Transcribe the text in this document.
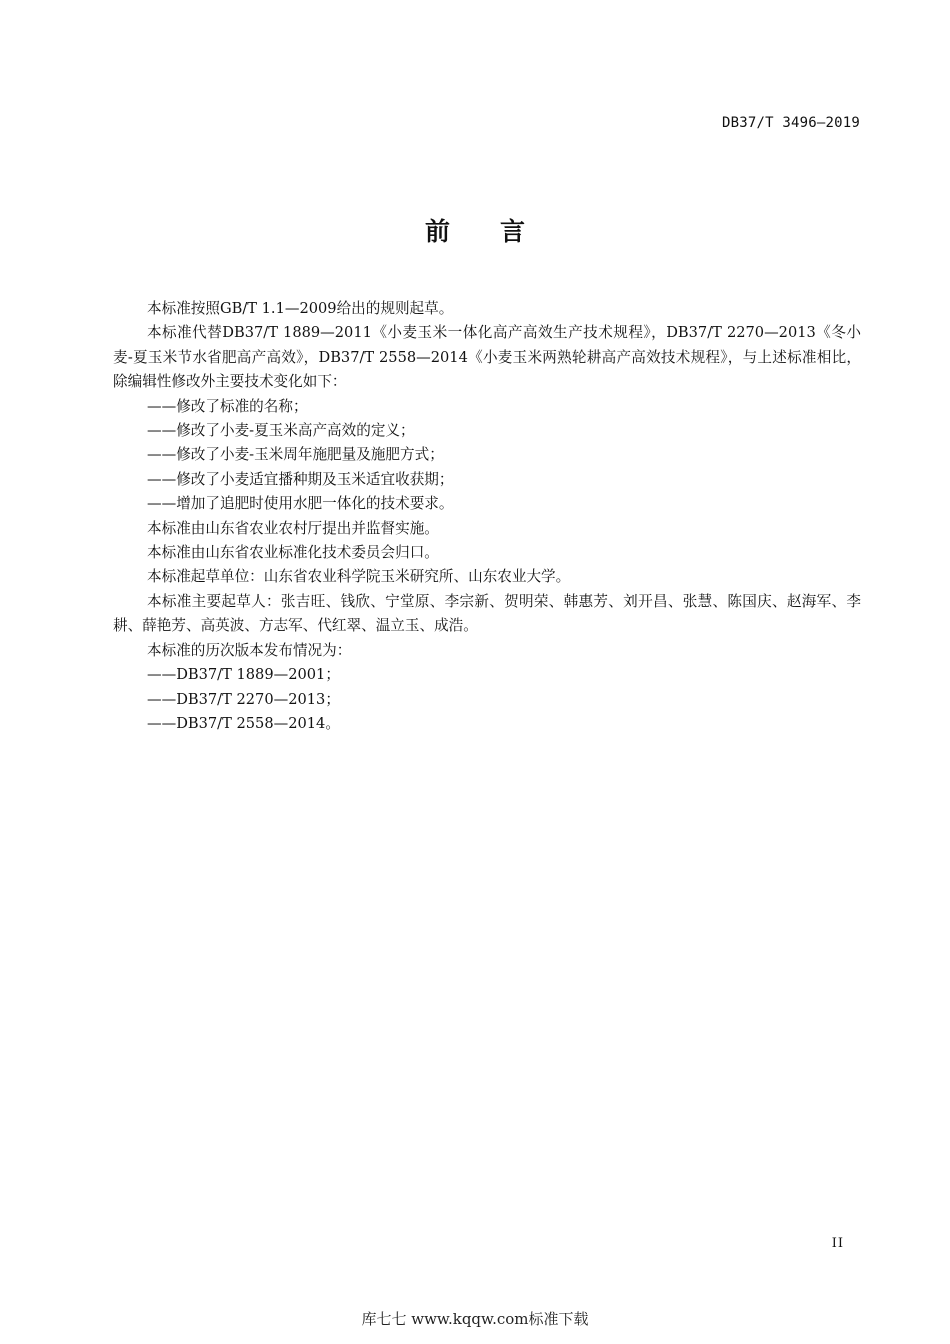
DB37/T 3496—2019
前言

本标准按照GB/T 1.1—2009给出的规则起草。

本标准代替DB37/T 1889—2011《小麦玉米一体化高产高效生产技术规程》，DB37/T 2270—2013《冬小麦-夏玉米节水省肥高产高效》，DB37/T 2558—2014《小麦玉米两熟轮耕高产高效技术规程》，与上述标准相比，除编辑性修改外主要技术变化如下：

——修改了标准的名称；

——修改了小麦-夏玉米高产高效的定义；

——修改了小麦-玉米周年施肥量及施肥方式；

——修改了小麦适宜播种期及玉米适宜收获期；

——增加了追肥时使用水肥一体化的技术要求。

本标准由山东省农业农村厅提出并监督实施。

本标准由山东省农业标准化技术委员会归口。

本标准起草单位：山东省农业科学院玉米研究所、山东农业大学。

本标准主要起草人：张吉旺、钱欣、宁堂原、李宗新、贺明荣、韩惠芳、刘开昌、张慧、陈国庆、赵海军、李耕、薛艳芳、高英波、方志军、代红翠、温立玉、成浩。

本标准的历次版本发布情况为：

——DB37/T 1889—2001；

——DB37/T 2270—2013；

——DB37/T 2558—2014。

II
库七七 www.kqqw.com标准下载
